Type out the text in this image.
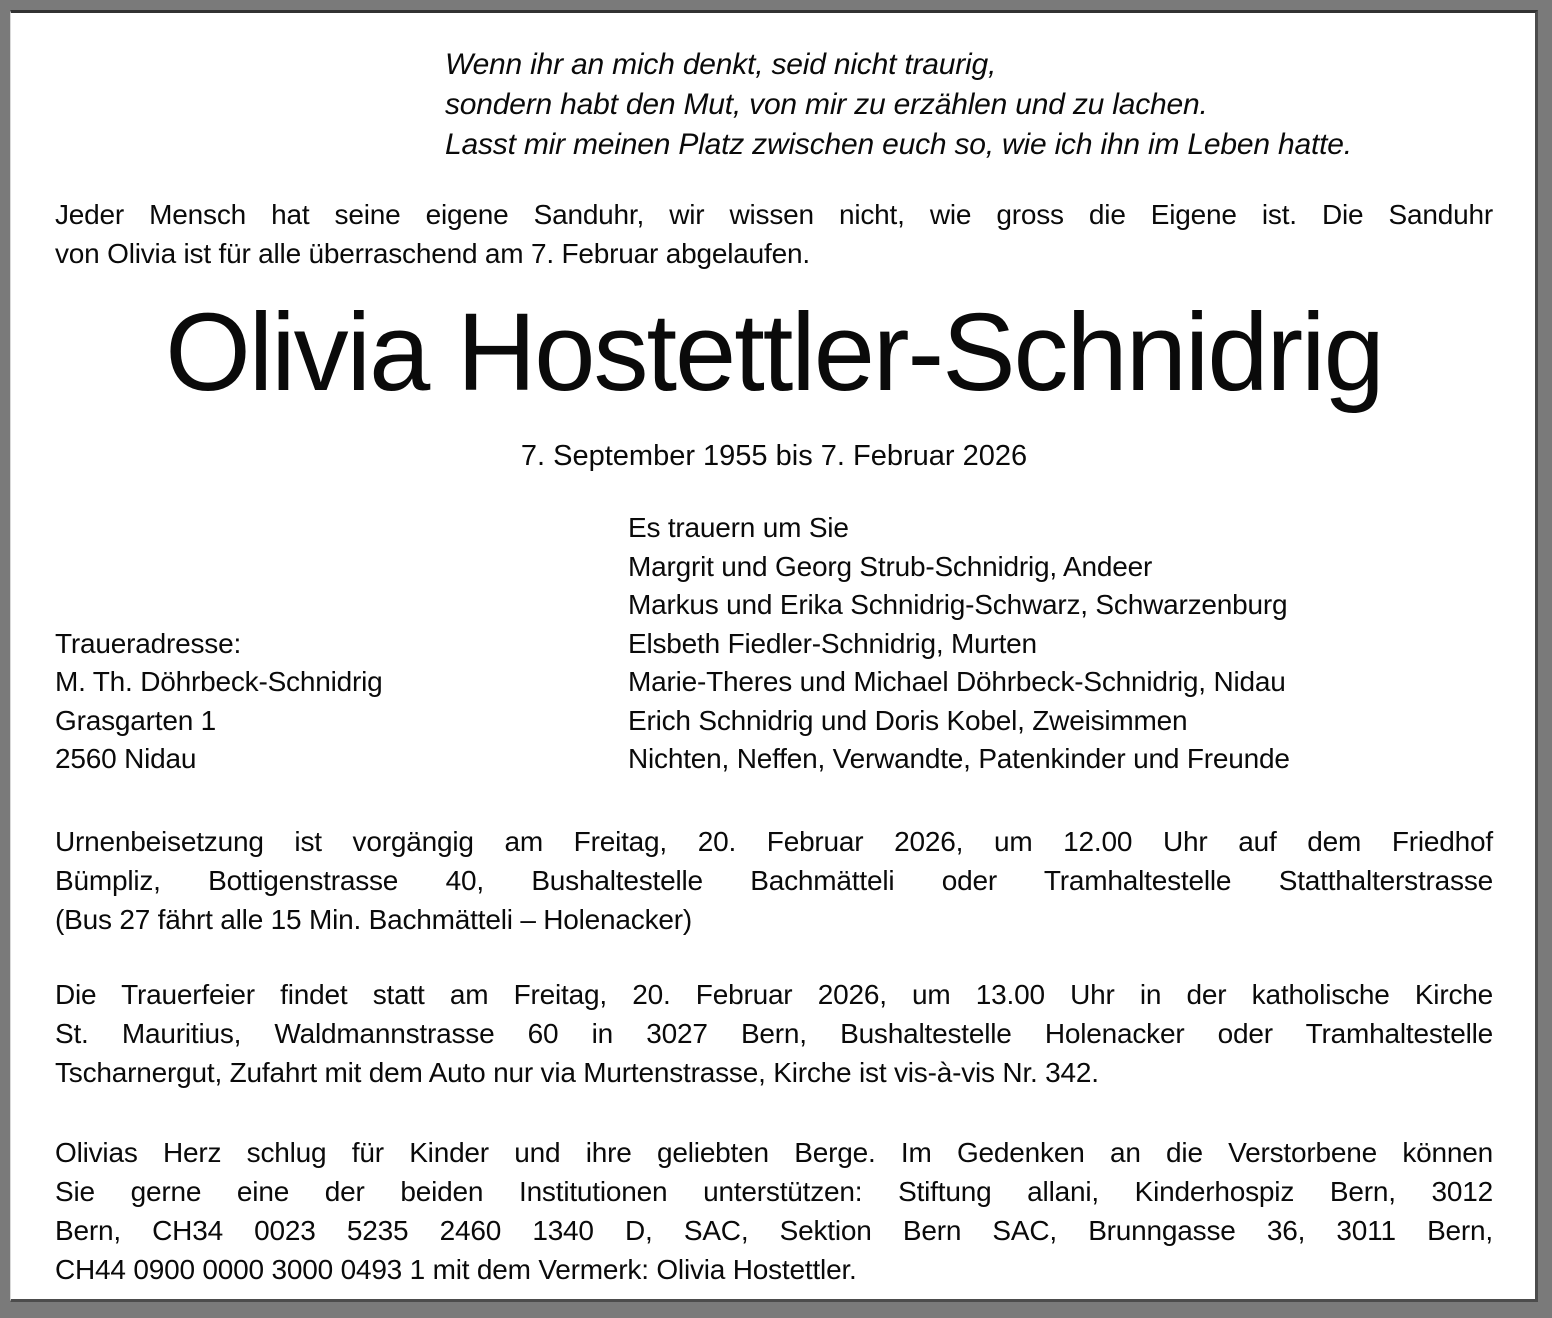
Wenn ihr an mich denkt, seid nicht traurig,
sondern habt den Mut, von mir zu erzählen und zu lachen.
Lasst mir meinen Platz zwischen euch so, wie ich ihn im Leben hatte.
Jeder Mensch hat seine eigene Sanduhr, wir wissen nicht, wie gross die Eigene ist. Die Sanduhr
von Olivia ist für alle überraschend am 7. Februar abgelaufen.
Olivia Hostettler-Schnidrig
7. September 1955 bis 7. Februar 2026
Traueradresse:
M. Th. Döhrbeck-Schnidrig
Grasgarten 1
2560 Nidau
Es trauern um Sie
Margrit und Georg Strub-Schnidrig, Andeer
Markus und Erika Schnidrig-Schwarz, Schwarzenburg
Elsbeth Fiedler-Schnidrig, Murten
Marie-Theres und Michael Döhrbeck-Schnidrig, Nidau
Erich Schnidrig und Doris Kobel, Zweisimmen
Nichten, Neffen, Verwandte, Patenkinder und Freunde
Urnenbeisetzung ist vorgängig am Freitag, 20. Februar 2026, um 12.00 Uhr auf dem Friedhof
Bümpliz, Bottigenstrasse 40, Bushaltestelle Bachmätteli oder Tramhaltestelle Statthalterstrasse
(Bus 27 fährt alle 15 Min. Bachmätteli – Holenacker)
Die Trauerfeier findet statt am Freitag, 20. Februar 2026, um 13.00 Uhr in der katholische Kirche
St. Mauritius, Waldmannstrasse 60 in 3027 Bern, Bushaltestelle Holenacker oder Tramhaltestelle
Tscharnergut, Zufahrt mit dem Auto nur via Murtenstrasse, Kirche ist vis-à-vis Nr. 342.
Olivias Herz schlug für Kinder und ihre geliebten Berge. Im Gedenken an die Verstorbene können
Sie gerne eine der beiden Institutionen unterstützen: Stiftung allani, Kinderhospiz Bern, 3012
Bern, CH34 0023 5235 2460 1340 D, SAC, Sektion Bern SAC, Brunngasse 36, 3011 Bern,
CH44 0900 0000 3000 0493 1 mit dem Vermerk: Olivia Hostettler.
